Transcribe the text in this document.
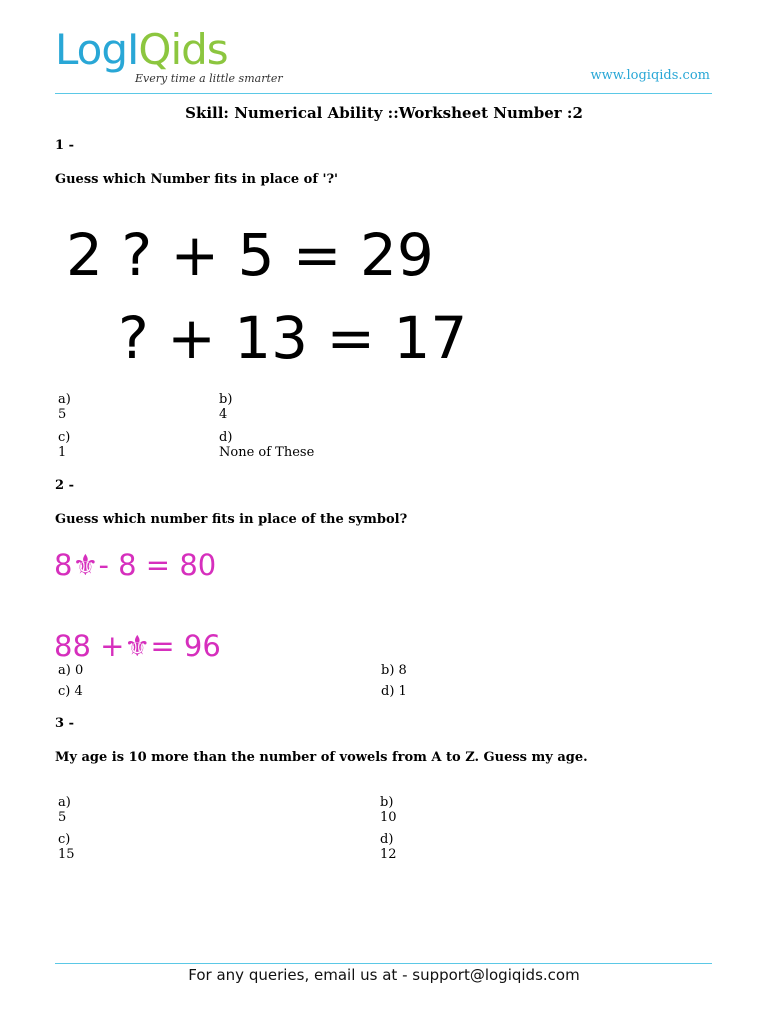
LogIQids
Every time a little smarter	www.logiqids.com
Skill: Numerical Ability ::Worksheet Number :2
1 -
Guess which Number fits in place of '?'
2 ? + 5 = 29
? + 13 = 17
a)
5
b)
4
c)
1
d)
None of These
2 -
Guess which number fits in place of the symbol?
8⚜- 8 = 80
88 +⚜= 96
a) 0	b) 8
c) 4	d) 1
3 -
My age is 10 more than the number of vowels from A to Z. Guess my age.
a)
5
b)
10
c)
15
d)
12
For any queries, email us at - support@logiqids.com
